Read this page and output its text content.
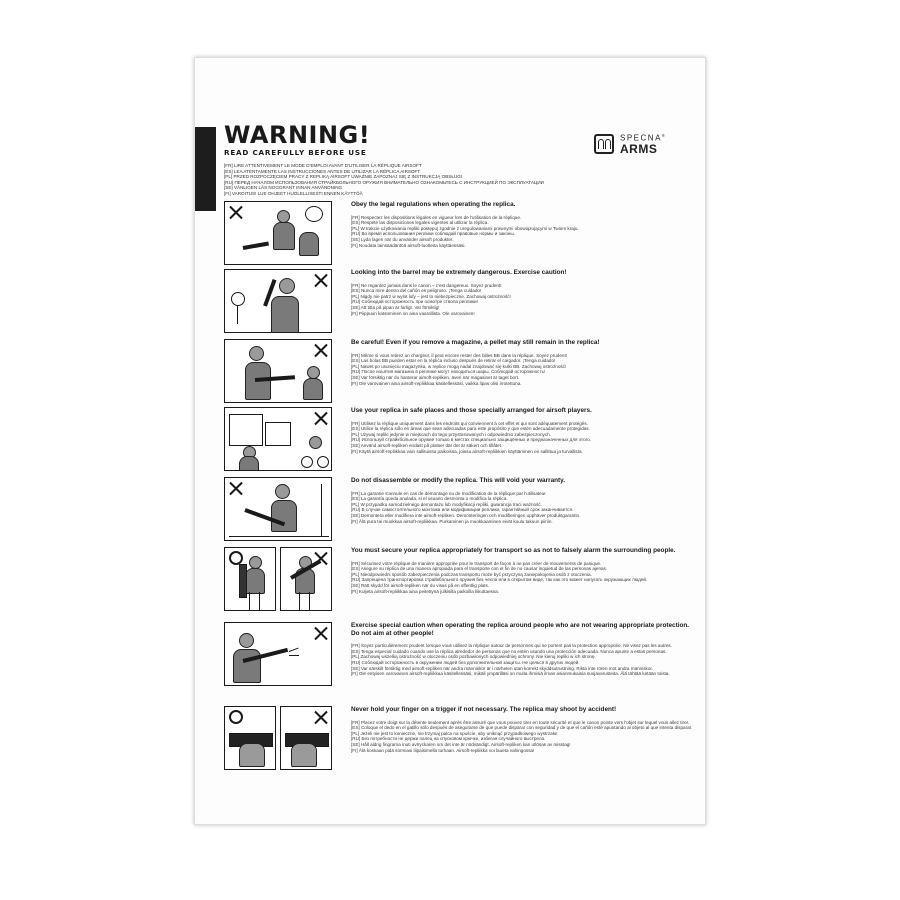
WARNING!
READ CAREFULLY BEFORE USE
[FR] LIRE ATTENTIVEMENT LE MODE D'EMPLOI AVANT D'UTILISER LA RÉPLIQUE AIRSOFT
[ES] LEA ATENTAMENTE LAS INSTRUCCIONES ANTES DE UTILIZAR LA RÉPLICA AIRSOFT
[PL] PRZED ROZPOCZĘCIEM PRACY Z REPLIKĄ AIRSOFT UWAŻNIE ZAPOZNAJ SIĘ Z INSTRUKCJĄ OBSŁUGI
[RU] ПЕРЕД НАЧАЛОМ ИСПОЛЬЗОВАНИЯ СТРАЙКБОЛЬНОГО ОРУЖИЯ ВНИМАТЕЛЬНО ОЗНАКОМЬТЕСЬ С ИНСТРУКЦИЕЙ ПО ЭКСПЛУАТАЦИИ
[SE] VÄNLIGEN LÄS NOGGRANT INNAN ANVÄNDNING
[FI] VAROITUS! LUE OHJEET HUOLELLISESTI ENNEN KÄYTTÖÄ
SPECNA®
ARMS
Obey the legal regulations when operating the replica.
[FR] Respectez les dispositions légales en vigueur lors de l'utilisation de la réplique.
[ES] Respete las disposiciones legales vigentes al utilizar la réplica.
[PL] W trakcie użytkowania repliki postępuj zgodnie z uregulowaniami prawnymi obowiązującymi w Twoim kraju.
[RU] Во время использования реплики соблюдай правовые нормы и законы.
[SE] Lyda lagen när du använder airsoft produkter.
[FI] Noudata lainsäädäntöä airsoft-tuotteita käyttäessäsi.
Looking into the barrel may be extremely dangerous. Exercise caution!
[FR] Ne regardez jamais dans le canon – c'est dangereux. Soyez prudent!
[ES] Nunca mire dentro del cañón es peligroso. ¡Tenga cuidado!
[PL] Nigdy nie patrz w wylot lufy – jest to niebezpieczne. Zachowaj ostrożność!
[RU] Соблюдай осторожность при осмотре ствола реплики!
[SE] Att titta på pipan är farligt. Var försiktig!
[FI] Piippuun katsominen on aina vaarallista. Ole varovainen!
Be careful! Even if you remove a magazine, a pellet may still remain in the replica!
[FR] Même si vous retirez un chargeur, il peut encore rester des billes BB dans la réplique. Soyez prudent!
[ES] Las bolas BB pueden estar en la réplica incluso después de retirar el cargador. ¡Tenga cuidado!
[PL] Nawet po usunięciu magazynka, w replice mogą nadal znajdować się kulki BB. Zachowaj ostrożność!
[RU] После изъятия магазина в реплике могут находиться шары. Соблюдай осторожность!
[SE] Var försiktig när du hanterar airsoft-repliken, även när magasinet är taget bort.
[FI] Ole varovainen aina airsoft-repliikkaa käsitellessäsi, vaikka lipas olisi irrotettuna.
Use your replica in safe places and those specially arranged for airsoft players.
[FR] Utilisez la réplique uniquement dans les endroits qui conviennent à cet effet et qui sont adéquatement protégés.
[ES] Utilice la réplica sólo en áreas que sean adecuadas para este propósito y que estén adecuadamente protegidas.
[PL] Używaj repliki jedynie w miejscach do tego przystosowanych i odpowiednio zabezpieczonych.
[RU] Используй страйкбольное оружие только в местах специально защищённых и предназначенных для этого.
[SE] Använd airsoft-repliken endast på platser där det är säkert och tillåtet.
[FI] Käytä airsoft-repliikkaa vain sallituissa paikoissa, joissa airsoft-repliikkien käyttäminen on sallittua ja turvallista.
Do not disassemble or modify the replica. This will void your warranty.
[FR] La garantie s'annule en cas de démontage ou de modification de la réplique par l'utilisateur.
[ES] La garantía queda anulada, si el usuario desmonta o modifica la réplica.
[PL] W przypadku samodzielnego demontażu lub modyfikacji repliki, gwarancja traci ważność.
[RU] В случае самостоятельного монтажа или модификации реплики, гарантийный срок заканчивается.
[SE] Demontera eller modifiera inte airsoft-repliken. Demonteringen och modifieringen upphäver produktgarantin.
[FI] Älä pura tai muokkaa airsoft-repliikkaa. Purkaminen ja muokkaaminen eivät kuulu takuun piiriin.
You must secure your replica appropriately for transport so as not to falsely alarm the surrounding people.
[FR] Sécurisez votre réplique de manière appropriée pour le transport de façon à ne pas créer de mouvements de panique.
[ES] Asegure su réplica de una manera apropiada para el transporte con el fin de no causar inquietud de las personas ajenas.
[PL] Nieodpowiedni sposób zabezpieczenia podczas transportu może być przyczyną zaniepokojenia osób z otoczenia.
[RU] Запрещена транспортировка страйкбольного оружия без чехла или в открытом виде, так как это может напугать окружающих людей.
[SE] Rätt skydd för airsoft-repliken när du visas på en offentlig plats.
[FI] Kuljeta airsoft-repliikkaa aina peitettynä julkisilla paikoilla liikuttaessa.
Exercise special caution when operating the replica around people who are not wearing appropriate protection. Do not aim at other people!
[FR] Soyez particulièrement prudent lorsque vous utilisez la réplique autour de personnes qui ne portent pas la protection appropriée. Ne visez pas les autres.
[ES] Tenga especial cuidado cuando use la réplica alrededor de personas que no estén usando una protección adecuada. Nunca apunte a estas personas.
[PL] Zachowaj wszelką ostrożność w otoczeniu osób pozbawionych odpowiedniej ochrony. Nie kieruj repliki w ich stronę.
[RU] Соблюдай осторожность в окружении людей без дополнительной защиты. Не целься в других людей.
[SE] Var särskilt försiktig med airsoft-repliken när andra människor är i närheten utan korrekt skyddsutrustning. Rikta inte rören mot andra människor.
[FI] Ole erityisen varovainen airsoft-repliikkaa käsitellessäsi, mikäli ympärilläsi on muita ihmisiä ilman asianmukaisia suojavarusteita. Älä tähtää ketään toista.
Never hold your finger on a trigger if not necessary. The replica may shoot by accident!
[FR] Placez votre doigt sur la détente seulement après être assuré que vous pouvez tirer en toute sécurité et que le canon pointe vers l'objet sur lequel vous allez tirer.
[ES] Coloque el dedo en el gatillo sólo después de asegurarse de que puede disparar con seguridad y de que el cañón esté apuntando al objeto al que intenta disparar.
[PL] Jeżeli nie jest to konieczne, nie trzymaj palca na spuście, aby uniknąć przypadkowego wystrzału!
[RU] Без потребности не держи палец на спусковом крючке, избегая случайного выстрела.
[SE] Håll aldrig fingrarna inuti avtryckaren om det inte är nödvändigt. Airsoft-repliken kan utlösas av misstag!
[FI] Älä koskaan pidä sormiasi liipaisimella turhaan. Airsoft-repliikka voi laueta vahingossa!
